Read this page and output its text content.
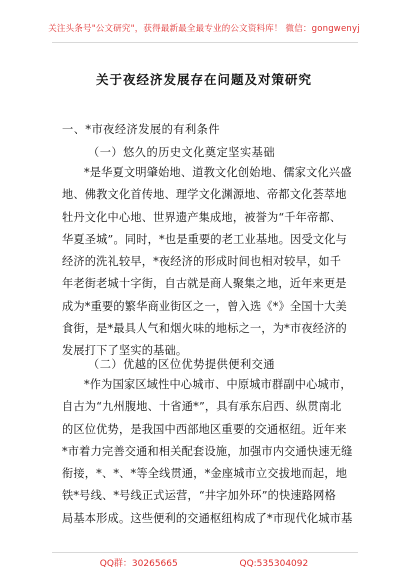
关注头条号"公文研究"，获得最新最全最专业的公文资料库！ 微信：gongwenyj
关于夜经济发展存在问题及对策研究
一、*市夜经济发展的有利条件
（一）悠久的历史文化奠定坚实基础
*是华夏文明肇始地、道教文化创始地、儒家文化兴盛
地、佛教文化首传地、理学文化渊源地、帝都文化荟萃地
牡丹文化中心地、世界遗产集成地，被誉为“千年帝都、
华夏圣城”。同时，*也是重要的老工业基地。因受文化与
经济的洗礼较早，*夜经济的形成时间也相对较早，如千
年老街老城十字街，自古就是商人聚集之地，近年来更是
成为*重要的繁华商业街区之一，曾入选《*》全国十大美
食街，是*最具人气和烟火味的地标之一，为*市夜经济的
发展打下了坚实的基础。
（二）优越的区位优势提供便利交通
*作为国家区域性中心城市、中原城市群副中心城市，
自古为“九州腹地、十省通*”，具有承东启西、纵贯南北
的区位优势，是我国中西部地区重要的交通枢纽。近年来
*市着力完善交通和相关配套设施，加强市内交通快速无缝
衔接，*、*、*等全线贯通，*金座城市立交拔地而起，地
铁*号线、*号线正式运营，“井字加外环”的快速路网格
局基本形成。这些便利的交通枢纽构成了*市现代化城市基
QQ群：30265665	QQ:535304092
